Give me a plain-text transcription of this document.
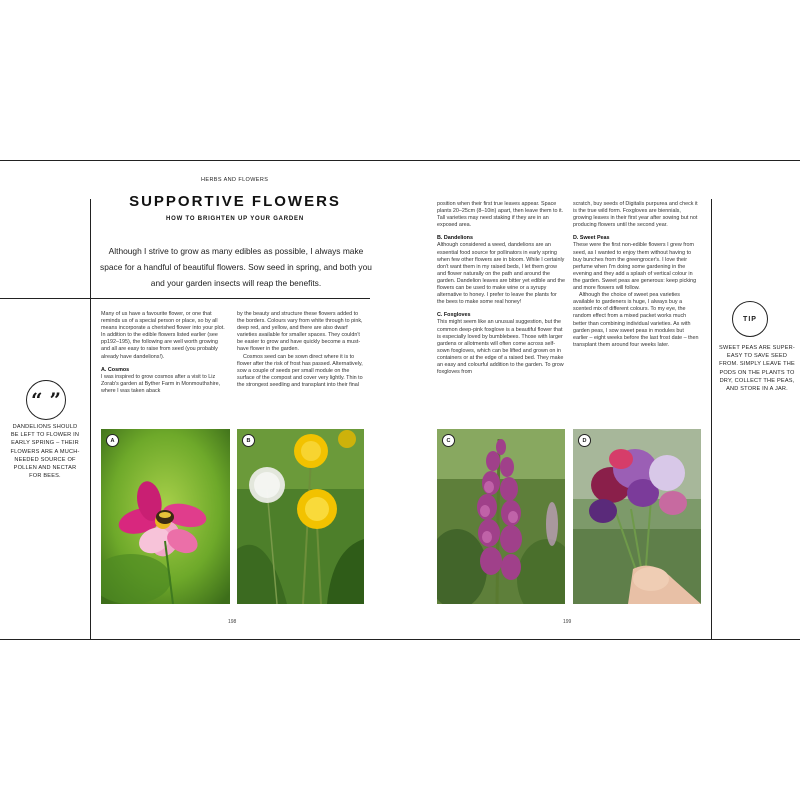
HERBS AND FLOWERS
SUPPORTIVE FLOWERS
HOW TO BRIGHTEN UP YOUR GARDEN
Although I strive to grow as many edibles as possible, I always make space for a handful of beautiful flowers. Sow seed in spring, and both you and your garden insects will reap the benefits.

Many of us have a favourite flower, or one that reminds us of a special person or place, so by all means incorporate a cherished flower into your plot. In addition to the edible flowers listed earlier (see pp192–195), the following are well worth growing and all are easy to raise from seed (you probably already have dandelions!).

A. Cosmos

I was inspired to grow cosmos after a visit to Liz Zorab's garden at Byther Farm in Monmouthshire, where I was taken aback

by the beauty and structure these flowers added to the borders. Colours vary from white through to pink, deep red, and yellow, and there are also dwarf varieties available for smaller spaces. They couldn't be easier to grow and have quickly become a must-have flower in the garden.

Cosmos seed can be sown direct where it is to flower after the risk of frost has passed. Alternatively, sow a couple of seeds per small module on the surface of the compost and cover very lightly. Thin to the strongest seedling and transplant into their final
“ ”
DANDELIONS SHOULD BE LEFT TO FLOWER IN EARLY SPRING – THEIR FLOWERS ARE A MUCH-NEEDED SOURCE OF POLLEN AND NECTAR FOR BEES.
A	B
198

position when their first true leaves appear. Space plants 20–25cm (8–10in) apart, then leave them to it. Tall varieties may need staking if they are in an exposed area.

B. Dandelions

Although considered a weed, dandelions are an essential food source for pollinators in early spring when few other flowers are in bloom. While I certainly don't want them in my raised beds, I let them grow and flower naturally on the path and around the garden. Dandelion leaves are bitter yet edible and the flowers can be used to make wine or a syrupy alternative to honey. I prefer to leave the plants for the bees to make some real honey!

C. Foxgloves

This might seem like an unusual suggestion, but the common deep-pink foxglove is a beautiful flower that is especially loved by bumblebees. Those with larger gardens or allotments will often come across self-sown foxgloves, which can be lifted and grown on in containers or at the edge of a raised bed. They make an easy and colourful addition to the garden. To grow foxgloves from

scratch, buy seeds of Digitalis purpurea and check it is the true wild form. Foxgloves are biennials, growing leaves in their first year after sowing but not producing flowers until the second year.

D. Sweet Peas

These were the first non-edible flowers I grew from seed, as I wanted to enjoy them without having to buy bunches from the greengrocer's. I love their perfume when I'm doing some gardening in the evening and they add a splash of vertical colour in the garden. Sweet peas are generous: keep picking and more flowers will follow.

Although the choice of sweet pea varieties available to gardeners is huge, I always buy a scented mix of different colours. To my eye, the random effect from a mixed packet works much better than combining individual varieties. As with garden peas, I sow sweet peas in modules but earlier – eight weeks before the last frost date – then transplant them around four weeks later.
TIP
SWEET PEAS ARE SUPER-EASY TO SAVE SEED FROM. SIMPLY LEAVE THE PODS ON THE PLANTS TO DRY, COLLECT THE PEAS, AND STORE IN A JAR.
C	D
199
